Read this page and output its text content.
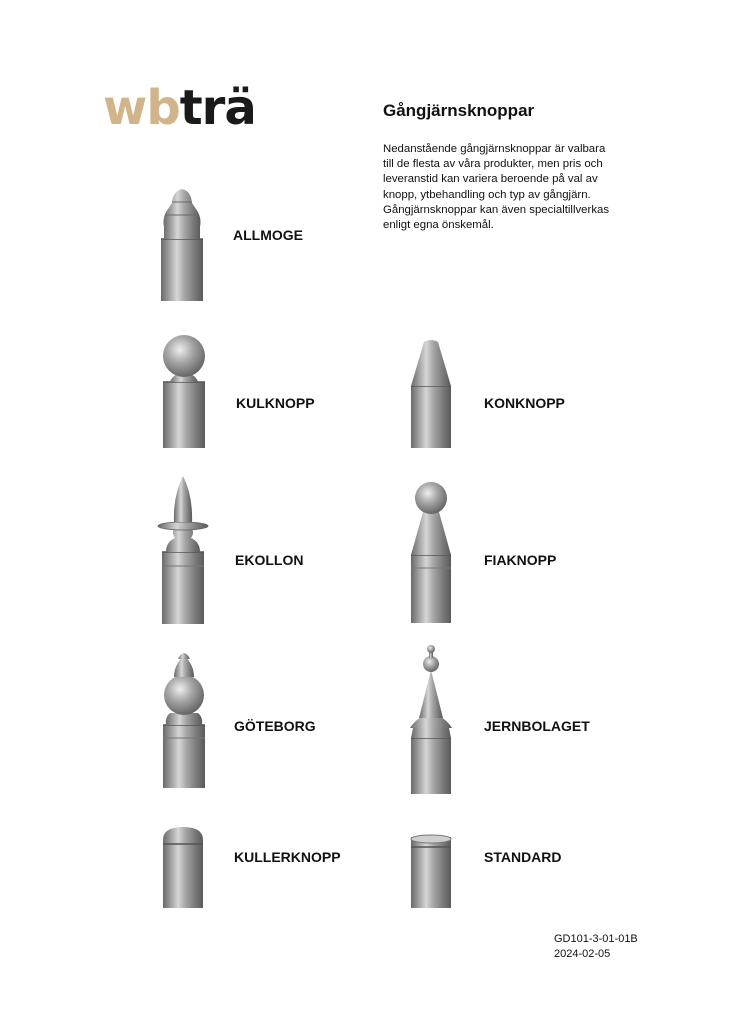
wbträ	Gångjärnsknoppar

Nedanstående gångjärnsknoppar är valbara
till de flesta av våra produkter, men pris och
leveranstid kan variera beroende på val av
knopp, ytbehandling och typ av gångjärn.
Gångjärnsknoppar kan även specialtillverkas
enligt egna önskemål.

ALLMOGE
KULKNOPP	KONKNOPP
EKOLLON	FIAKNOPP
GÖTEBORG	JERNBOLAGET
KULLERKNOPP	STANDARD
GD101-3-01-01B
2024-02-05
